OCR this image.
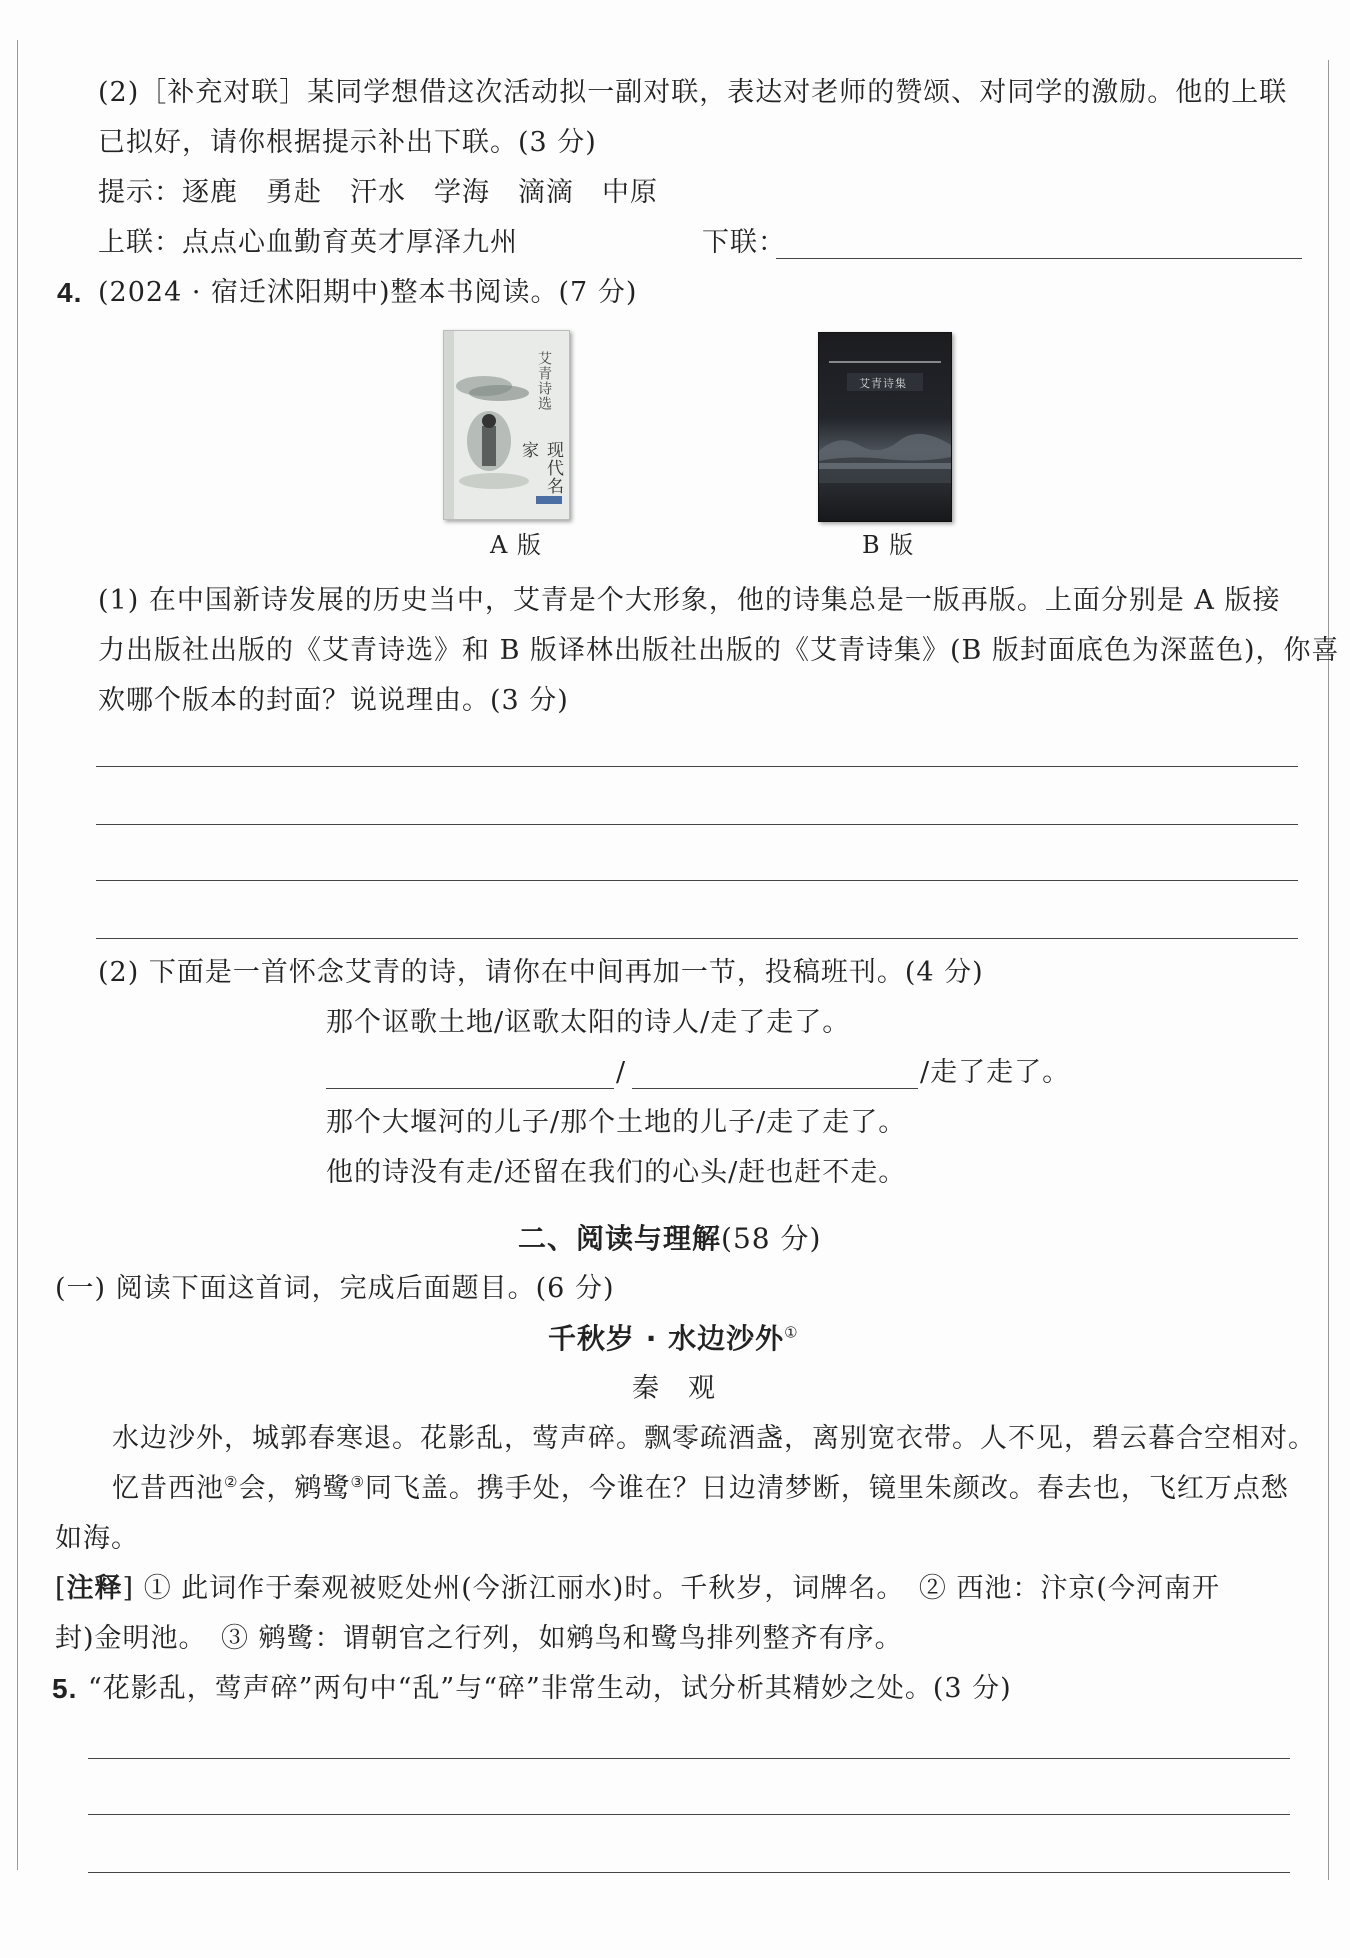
(2)［补充对联］某同学想借这次活动拟一副对联，表达对老师的赞颂、对同学的激励。他的上联
已拟好，请你根据提示补出下联。(3 分)
提示：逐鹿　勇赴　汗水　学海　滴滴　中原
上联：点点心血勤育英才厚泽九州	下联：
4. (2024 · 宿迁沭阳期中)整本书阅读。(7 分)
艾青诗选
现代名家
A 版
艾青诗集
B 版
(1) 在中国新诗发展的历史当中，艾青是个大形象，他的诗集总是一版再版。上面分别是 A 版接
力出版社出版的《艾青诗选》和 B 版译林出版社出版的《艾青诗集》(B 版封面底色为深蓝色)，你喜
欢哪个版本的封面？说说理由。(3 分)
(2) 下面是一首怀念艾青的诗，请你在中间再加一节，投稿班刊。(4 分)
那个讴歌土地/讴歌太阳的诗人/走了走了。
/	/走了走了。
那个大堰河的儿子/那个土地的儿子/走了走了。
他的诗没有走/还留在我们的心头/赶也赶不走。
二、阅读与理解(58 分)
(一) 阅读下面这首词，完成后面题目。(6 分)
千秋岁 · 水边沙外①
秦　观
水边沙外，城郭春寒退。花影乱，莺声碎。飘零疏酒盏，离别宽衣带。人不见，碧云暮合空相对。
忆昔西池②会，鹓鹭③同飞盖。携手处，今谁在？日边清梦断，镜里朱颜改。春去也，飞红万点愁
如海。
[注释] ① 此词作于秦观被贬处州(今浙江丽水)时。千秋岁，词牌名。　② 西池：汴京(今河南开
封)金明池。　③ 鹓鹭：谓朝官之行列，如鹓鸟和鹭鸟排列整齐有序。
5. “花影乱，莺声碎”两句中“乱”与“碎”非常生动，试分析其精妙之处。(3 分)
